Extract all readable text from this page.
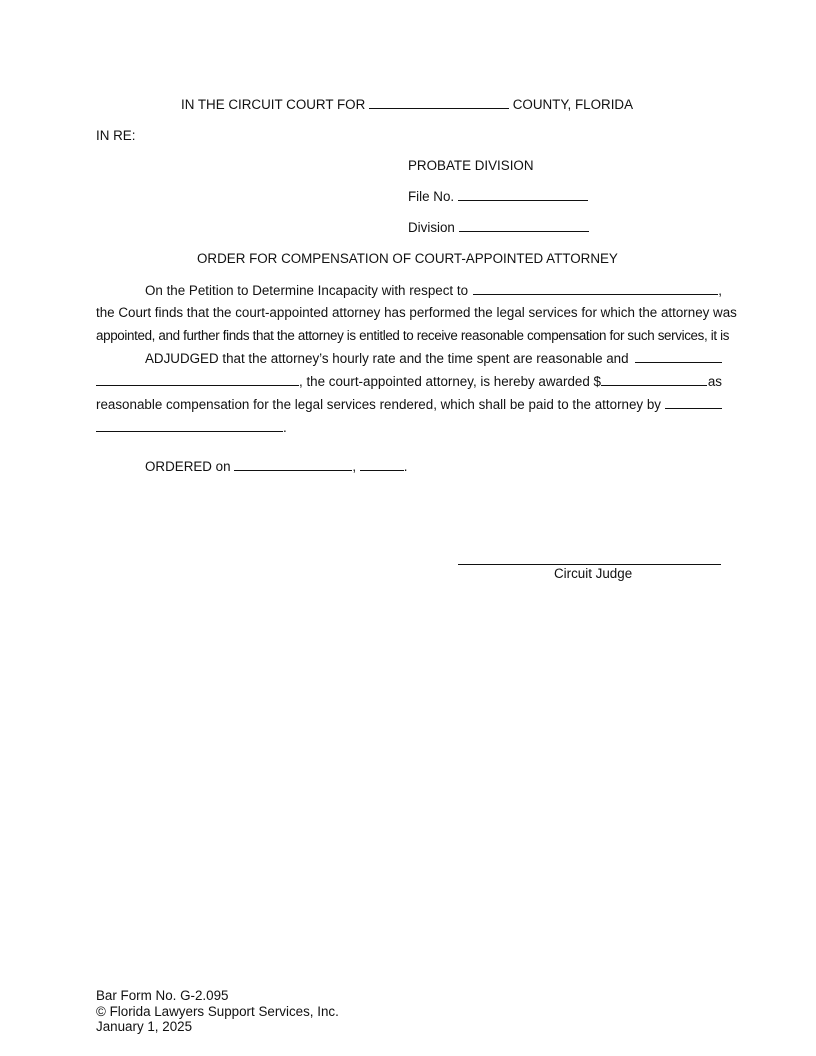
IN THE CIRCUIT COURT FOR	COUNTY, FLORIDA
IN RE:
PROBATE DIVISION
File No.
Division
ORDER FOR COMPENSATION OF COURT-APPOINTED ATTORNEY
On the Petition to Determine Incapacity with respect to	,
the Court finds that the court-appointed attorney has performed the legal services for which the attorney was
appointed, and further finds that the attorney is entitled to receive reasonable compensation for such services, it is
ADJUDGED that the attorney’s hourly rate and the time spent are reasonable and
, the court-appointed attorney, is hereby awarded $	as
reasonable compensation for the legal services rendered, which shall be paid to the attorney by
.
ORDERED on	,	.
Circuit Judge
Bar Form No. G-2.095
© Florida Lawyers Support Services, Inc.
January 1, 2025
